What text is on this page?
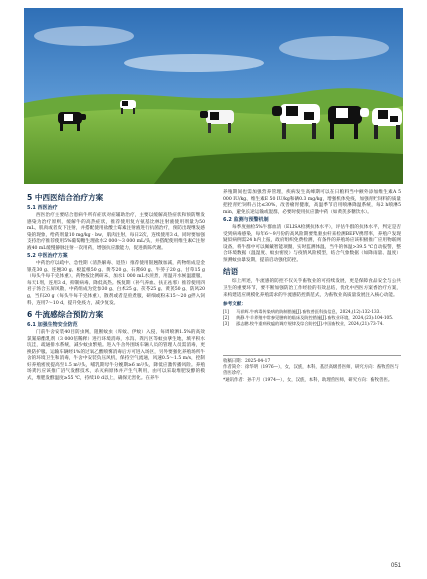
5 中西医结合治疗方案
5.1 西医治疗

西医治疗主要结合患病牛所有症状对症辅助治疗，主要以缓解高热症状和预防继发感染为治疗原则，缓解牛的高热症状，推荐使用复方氨基比林注射液使用剂量为50 mL，肌肉或者皮下注射，并搭配使用盐酸土霉素注射液进行抗菌治疗，预防出现继发感染的现象，给药剂量10 mg/kg · bw，肌肉注射，每日2次，连续使用3 d。同时要加强支持治疗推荐使用5%葡萄糖生理盐水2 000～3 000 mL/头，并搭配使用维生素C注射液40 mL缓慢静脉注射一次用药，增强抗应激能力，促进新陈代谢。

5.2 中医治疗方案

中药治疗以疏中、急性期（清热解毒、退热）推荐使用银翘散加减，药物组成是金银花30 g、连翘30 g、板蓝根50 g、黄芩20 g、石膏60 g、牛蒡子20 g、甘草15 g（每头牛每千克体重），药物按比例研末，加水1 000 mL水煎煮，用温开水候温灌服，每天1剂，连用3 d，抑制病毒、降低高热。恢复期（补气养血、扶正祛邪）推荐使用四君子汤合玉屏风散，中药组成为党参30 g、白术25 g、茯苓25 g、黄芪50 g、防风20 g，当归20 g（每头牛每千克体重），散剂或者是煎煮服，研细或粉末15～20 g拌入饲料，连用7～10 d，提升免疫力，减少复发。

6 牛流感综合预防方案
6.1 加强生物安全防范

门前牛舍安装40目防虫网，阻断蚊虫（库蚊、伊蚊）入侵，每周喷洒1.5%的高效氯氰菊酯乳剂（3 000倍稀释）进行环境消毒，水沟、粪污区等蚊虫孳生地，填平积水坑洼，疏通排水系统，减少蚊虫繁殖。进入牛舍外围场车辆人员的管理人员需消毒，更换防护服。运输车辆经1%的过氧乙酸喷雾消毒后方可进入场区，另外要强化养殖场所牛舍的环境卫生和消毒，牛舍中安装负压风机，保持空气流通，风速0.5～1.5 m/s，控制好养殖密度提高至1.5 m²/头，哺乳期母牛分娩期≥6 m²/头，降低应激传播风险。养殖场粪污应该推广沼气发酵技术，杀灭病原体并产生气利用，由可以采取堆肥发酵的模式，堆肥发酵温度≥55 ℃，持续10 d以上，确保无害化。在养牛

养殖期间也需加强营养管理，疾病发生高峰期可以在日粮料当中额外添加维生素A 5 000 IU/kg、维生素E 50 IU/kg和硒0.3 mg/kg，增强机体免疫，加强青贮饲料的质量把控青贮饲料占比≤30%，改善瘤胃健康，高温季节启用喷淋降温系统，每2 h喷淋5 min，避免长途运输或混群，必要时使用抗应激中药（如黄芪多糖饮水）。

6.2 监测与预警机制

每季度抽检5%牛群血清（ELISA检测抗体水平），评估牛群的抗体水平，判定是否受到病毒感染，每年6～9月份的高风险期要集驱虫杆来检测BEFV携带率，养殖户发现疑似病例需24 h内上报，政府组织免费检测，有条件的养殖场应该积极推广应用物联网设备，将牛群中可以佩戴智能项圈，实时监测体温，当牛的体温>39.5 ℃自动报警，整合环境数据（温湿度、蚊虫密度）与疫情风险模型，结合气象数据（如降雨量、温度）预测蚊虫暴发期，提前启动强化防控。

结语

综上所述，牛流感的防控不仅关乎畜牧业的可持续发展，更是保障食品安全与公共卫生的重要环节，要不断加强防治工作经验的有效总结，优化中西医方案香治疗方案，来构建适应规模化养殖需求的牛流感防控新范式，为畜牧业高质量发展注入核心动能。

参考文献：
[1]	马祥辉.牛病毒传染病的防制措施[J].畜牧兽医科技信息，2024,(12):132-133.
[2]	黄静.牛羊养殖中常参见膳病的临床及防控措施[J].畜牧业环境，2024,(23):104-105.
[3]	邵志鹏.牧牛重病致瘟的调疗规律及综合防控[J].中国畜牧业，2024,(21):73-74.
收稿日期：2025-04-17
作者简介：徐华明（1976—），女，汉族，本科，基层高级兽医师，研究方向：畜牧兽医与兽医诊疗。
*通讯作者：孙千月（1974—），女，汉族，本科，助理兽医师，研究方向：畜牧兽医。
051
